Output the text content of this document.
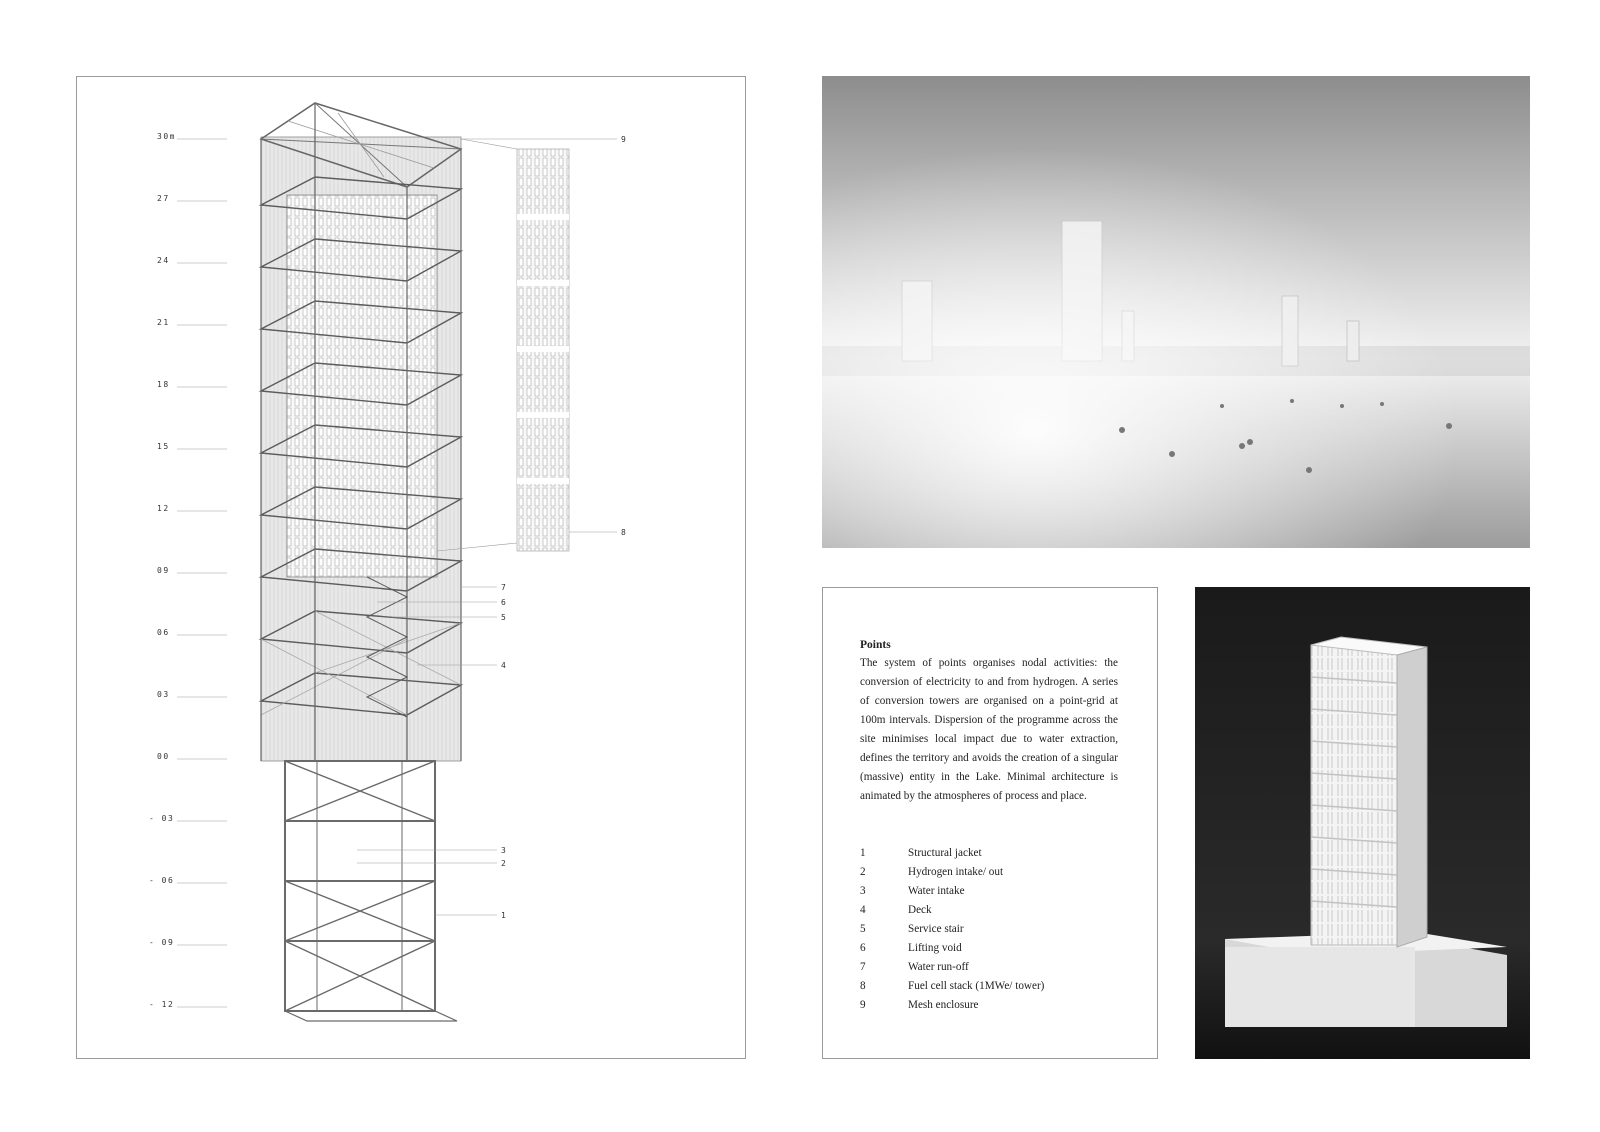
30m
27
24
21
18
15
12
09
06
03
00
- 03
- 06
- 09
- 12
9
8
7
6
5
4
3
2
1
Points

The system of points organises nodal activities: the conversion of electricity to and from hydrogen. A series of conversion towers are organised on a point-grid at 100m intervals. Dispersion of the programme across the site minimises local impact due to water extraction, defines the territory and avoids the creation of a singular (massive) entity in the Lake. Minimal architecture is animated by the atmospheres of process and place.

1	Structural jacket
2	Hydrogen intake/ out
3	Water intake
4	Deck
5	Service stair
6	Lifting void
7	Water run-off
8	Fuel cell stack (1MWe/ tower)
9	Mesh enclosure
